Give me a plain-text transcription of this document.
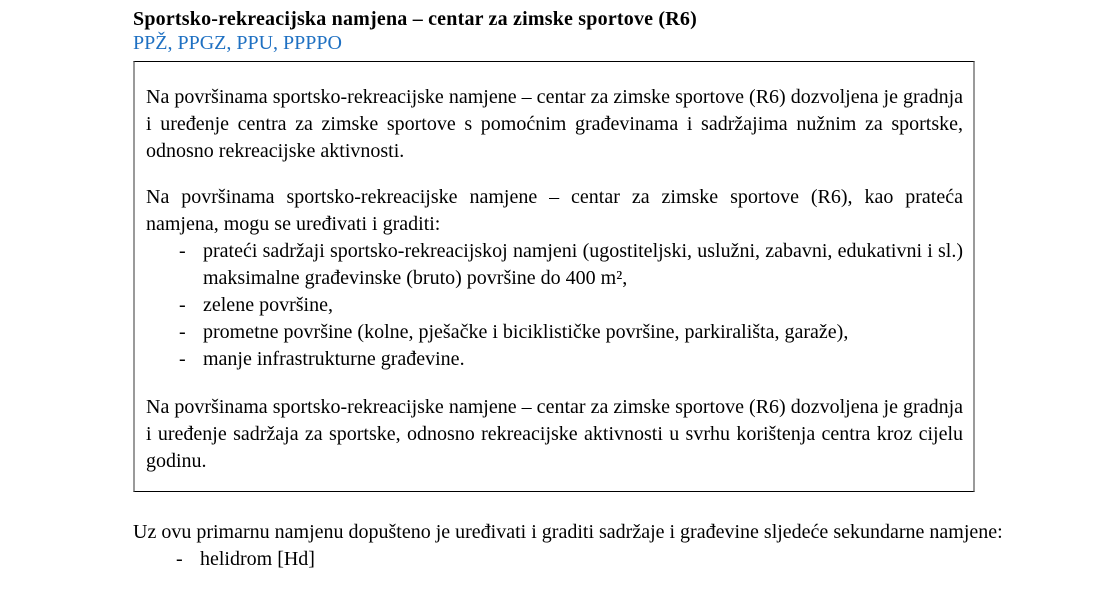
Sportsko-rekreacijska namjena – centar za zimske sportove (R6)
PPŽ, PPGZ, PPU, PPPPO

Na površinama sportsko-rekreacijske namjene – centar za zimske sportove (R6) dozvoljena je gradnja i uređenje centra za zimske sportove s pomoćnim građevinama i sadržajima nužnim za sportske, odnosno rekreacijske aktivnosti.

Na površinama sportsko-rekreacijske namjene – centar za zimske sportove (R6), kao prateća namjena, mogu se uređivati i graditi:

- prateći sadržaji sportsko-rekreacijskoj namjeni (ugostiteljski, uslužni, zabavni, edukativni i sl.) maksimalne građevinske (bruto) površine do 400 m²,
- zelene površine,
- prometne površine (kolne, pješačke i biciklističke površine, parkirališta, garaže),
- manje infrastrukturne građevine.

Na površinama sportsko-rekreacijske namjene – centar za zimske sportove (R6) dozvoljena je gradnja i uređenje sadržaja za sportske, odnosno rekreacijske aktivnosti u svrhu korištenja centra kroz cijelu godinu.

Uz ovu primarnu namjenu dopušteno je uređivati i graditi sadržaje i građevine sljedeće sekundarne namjene:

- helidrom [Hd]
